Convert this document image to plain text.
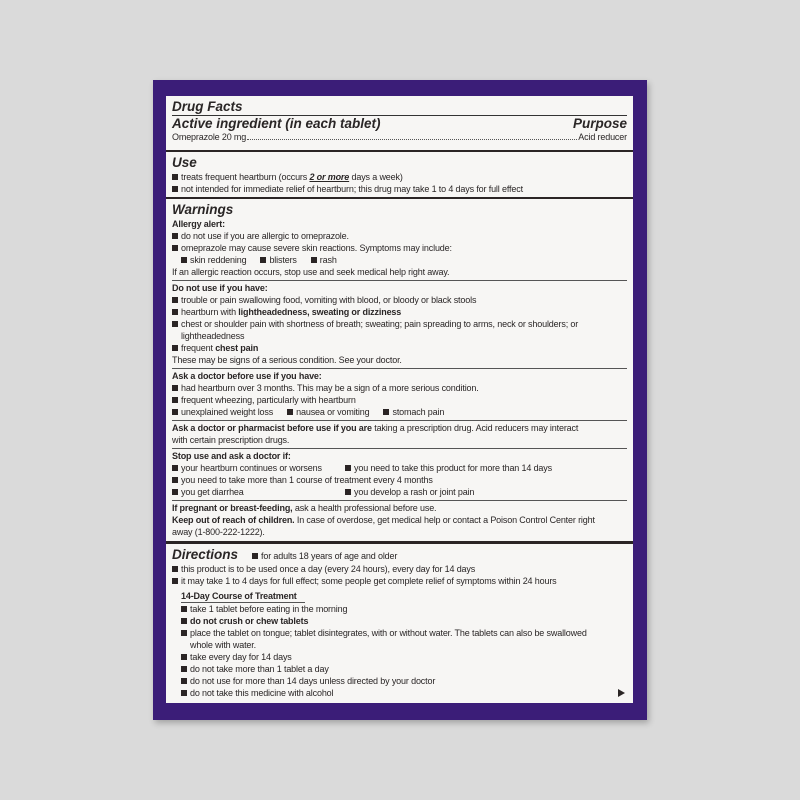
Drug Facts
Active ingredient (in each tablet)	Purpose
Omeprazole 20 mg	Acid reducer
Use
treats frequent heartburn (occurs 2 or more days a week)
not intended for immediate relief of heartburn; this drug may take 1 to 4 days for full effect
Warnings
Allergy alert:
do not use if you are allergic to omeprazole.
omeprazole may cause severe skin reactions. Symptoms may include:
skin reddening	blisters	rash
If an allergic reaction occurs, stop use and seek medical help right away.
Do not use if you have:
trouble or pain swallowing food, vomiting with blood, or bloody or black stools
heartburn with lightheadedness, sweating or dizziness
chest or shoulder pain with shortness of breath; sweating; pain spreading to arms, neck or shoulders; or
lightheadedness
frequent chest pain
These may be signs of a serious condition. See your doctor.
Ask a doctor before use if you have:
had heartburn over 3 months. This may be a sign of a more serious condition.
frequent wheezing, particularly with heartburn
unexplained weight loss	nausea or vomiting	stomach pain
Ask a doctor or pharmacist before use if you are taking a prescription drug. Acid reducers may interact
with certain prescription drugs.
Stop use and ask a doctor if:
your heartburn continues or worsens	you need to take this product for more than 14 days
you need to take more than 1 course of treatment every 4 months
you get diarrhea	you develop a rash or joint pain
If pregnant or breast-feeding, ask a health professional before use.
Keep out of reach of children. In case of overdose, get medical help or contact a Poison Control Center right
away (1-800-222-1222).
Directions	for adults 18 years of age and older
this product is to be used once a day (every 24 hours), every day for 14 days
it may take 1 to 4 days for full effect; some people get complete relief of symptoms within 24 hours
14-Day Course of Treatment
take 1 tablet before eating in the morning
do not crush or chew tablets
place the tablet on tongue; tablet disintegrates, with or without water. The tablets can also be swallowed
whole with water.
take every day for 14 days
do not take more than 1 tablet a day
do not use for more than 14 days unless directed by your doctor
do not take this medicine with alcohol
